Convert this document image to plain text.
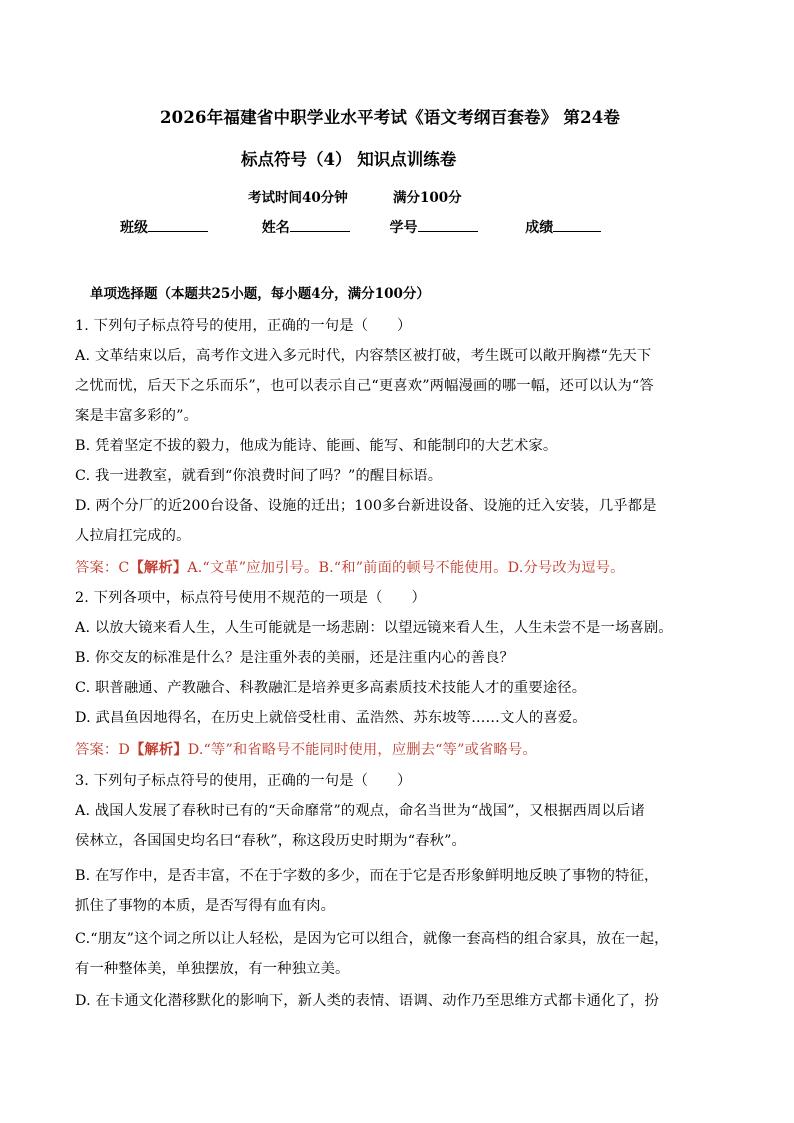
2026年福建省中职学业水平考试《语文考纲百套卷》 第24卷
标点符号（4） 知识点训练卷
考试时间40分钟	满分100分
班级	姓名	学号	成绩
单项选择题（本题共25小题，每小题4分，满分100分）
1. 下列句子标点符号的使用，正确的一句是（　　）
A. 文革结束以后，高考作文进入多元时代，内容禁区被打破，考生既可以敞开胸襟“先天下
之忧而忧，后天下之乐而乐”，也可以表示自己“更喜欢”两幅漫画的哪一幅，还可以认为“答
案是丰富多彩的”。
B. 凭着坚定不拔的毅力，他成为能诗、能画、能写、和能制印的大艺术家。
C. 我一进教室，就看到“你浪费时间了吗？”的醒目标语。
D. 两个分厂的近200台设备、设施的迁出；100多台新进设备、设施的迁入安装，几乎都是
人拉肩扛完成的。
答案：C【解析】A.“文革”应加引号。B.“和”前面的顿号不能使用。D.分号改为逗号。
2. 下列各项中，标点符号使用不规范的一项是（　　）
A. 以放大镜来看人生，人生可能就是一场悲剧：以望远镜来看人生，人生未尝不是一场喜剧。
B. 你交友的标准是什么？是注重外表的美丽，还是注重内心的善良？
C. 职普融通、产教融合、科教融汇是培养更多高素质技术技能人才的重要途径。
D. 武昌鱼因地得名，在历史上就倍受杜甫、孟浩然、苏东坡等……文人的喜爱。
答案：D【解析】D.“等”和省略号不能同时使用，应删去“等”或省略号。
3. 下列句子标点符号的使用，正确的一句是（　　）
A. 战国人发展了春秋时已有的“天命靡常”的观点，命名当世为“战国”，又根据西周以后诸
侯林立，各国国史均名曰“春秋”，称这段历史时期为“春秋”。
B. 在写作中，是否丰富，不在于字数的多少，而在于它是否形象鲜明地反映了事物的特征，
抓住了事物的本质，是否写得有血有肉。
C.“朋友”这个词之所以让人轻松，是因为它可以组合，就像一套高档的组合家具，放在一起，
有一种整体美，单独摆放，有一种独立美。
D. 在卡通文化潜移默化的影响下，新人类的表情、语调、动作乃至思维方式都卡通化了，扮
